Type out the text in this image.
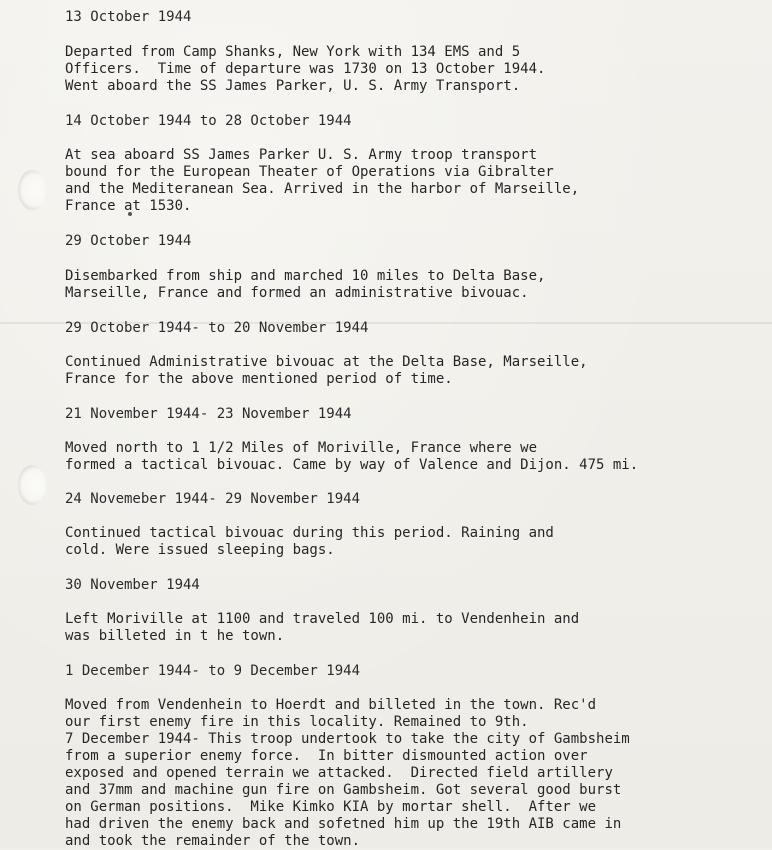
13 October 1944

Departed from Camp Shanks, New York with 134 EMS and 5
Officers.  Time of departure was 1730 on 13 October 1944.
Went aboard the SS James Parker, U. S. Army Transport.

14 October 1944 to 28 October 1944

At sea aboard SS James Parker U. S. Army troop transport
bound for the European Theater of Operations via Gibralter
and the Mediteranean Sea. Arrived in the harbor of Marseille,
France at 1530.

29 October 1944

Disembarked from ship and marched 10 miles to Delta Base,
Marseille, France and formed an administrative bivouac.

29 October 1944- to 20 November 1944

Continued Administrative bivouac at the Delta Base, Marseille,
France for the above mentioned period of time.

21 November 1944- 23 November 1944

Moved north to 1 1/2 Miles of Moriville, France where we
formed a tactical bivouac. Came by way of Valence and Dijon. 475 mi.

24 Novemeber 1944- 29 November 1944

Continued tactical bivouac during this period. Raining and
cold. Were issued sleeping bags.

30 November 1944

Left Moriville at 1100 and traveled 100 mi. to Vendenhein and
was billeted in t he town.

1 December 1944- to 9 December 1944

Moved from Vendenhein to Hoerdt and billeted in the town. Rec'd
our first enemy fire in this locality. Remained to 9th.
7 December 1944- This troop undertook to take the city of Gambsheim
from a superior enemy force.  In bitter dismounted action over
exposed and opened terrain we attacked.  Directed field artillery
and 37mm and machine gun fire on Gambsheim. Got several good burst
on German positions.  Mike Kimko KIA by mortar shell.  After we
had driven the enemy back and sofetned him up the 19th AIB came in
and took the remainder of the town.
